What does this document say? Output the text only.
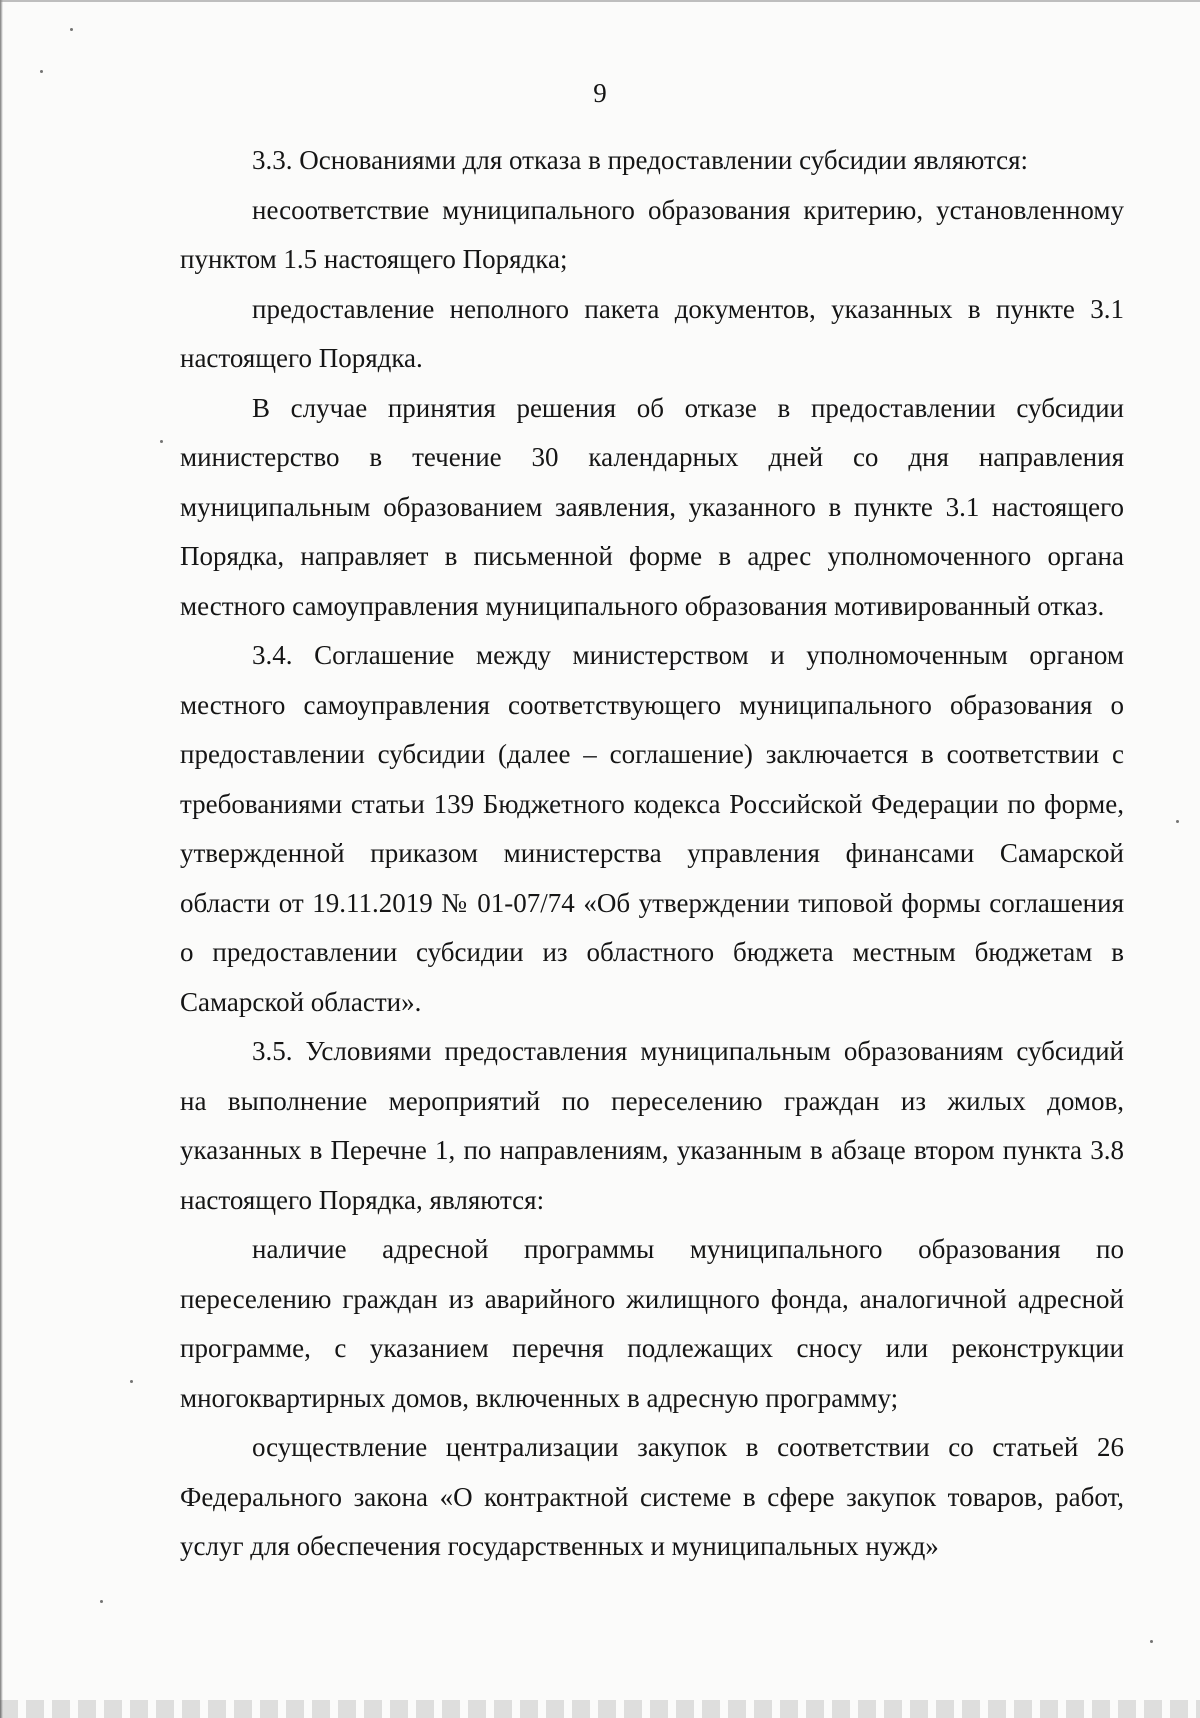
9

3.3. Основаниями для отказа в предоставлении субсидии являются:

несоответствие муниципального образования критерию, установленному пунктом 1.5 настоящего Порядка;

предоставление неполного пакета документов, указанных в пункте 3.1 настоящего Порядка.

В случае принятия решения об отказе в предоставлении субсидии министерство в течение 30 календарных дней со дня направления муниципальным образованием заявления, указанного в пункте 3.1 настоящего Порядка, направляет в письменной форме в адрес уполномоченного органа местного самоуправления муниципального образования мотивированный отказ.

3.4. Соглашение между министерством и уполномоченным органом местного самоуправления соответствующего муниципального образования о предоставлении субсидии (далее – соглашение) заключается в соответствии с требованиями статьи 139 Бюджетного кодекса Российской Федерации по форме, утвержденной приказом министерства управления финансами Самарской области от 19.11.2019 № 01-07/74 «Об утверждении типовой формы соглашения о предоставлении субсидии из областного бюджета местным бюджетам в Самарской области».

3.5. Условиями предоставления муниципальным образованиям субсидий на выполнение мероприятий по переселению граждан из жилых домов, указанных в Перечне 1, по направлениям, указанным в абзаце втором пункта 3.8 настоящего Порядка, являются:

наличие адресной программы муниципального образования по переселению граждан из аварийного жилищного фонда, аналогичной адресной программе, с указанием перечня подлежащих сносу или реконструкции многоквартирных домов, включенных в адресную программу;

осуществление централизации закупок в соответствии со статьей 26 Федерального закона «О контрактной системе в сфере закупок товаров, работ, услуг для обеспечения государственных и муниципальных нужд»
